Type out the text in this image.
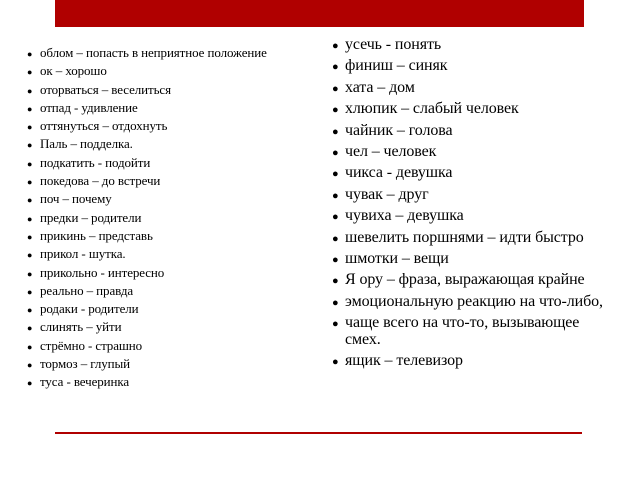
● облом – попасть в неприятное положение
● ок – хорошо
● оторваться – веселиться
● отпад - удивление
● оттянуться – отдохнуть
● Паль – подделка.
● подкатить - подойти
● покедова – до встречи
● поч – почему
● предки – родители
● прикинь – представь
● прикол - шутка.
● прикольно - интересно
● реально – правда
● родаки - родители
● слинять – уйти
● стрёмно - страшно
● тормоз – глупый
● туса - вечеринка
● усечь - понять
● финиш – синяк
● хата – дом
● хлюпик – слабый человек
● чайник – голова
● чел – человек
● чикса - девушка
● чувак – друг
● чувиха – девушка
● шевелить поршнями – идти быстро
● шмотки – вещи
● Я ору – фраза, выражающая крайне
● эмоциональную реакцию на что-либо,
● чаще всего на что-то, вызывающее смех.
● ящик – телевизор
